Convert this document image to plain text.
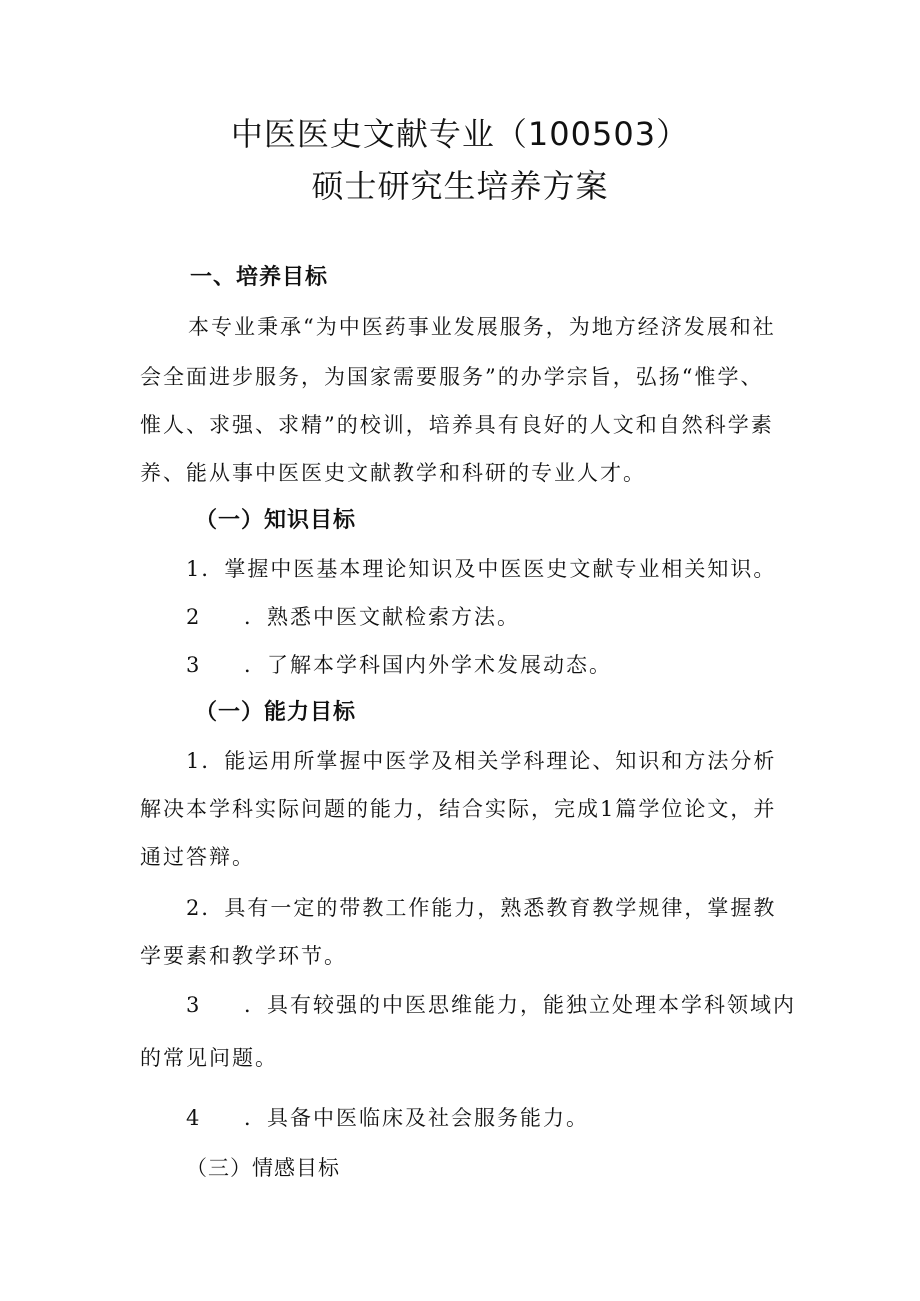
中医医史文献专业（100503）
硕士研究生培养方案
一、培养目标
本专业秉承“为中医药事业发展服务，为地方经济发展和社
会全面进步服务，为国家需要服务”的办学宗旨，弘扬“惟学、
惟人、求强、求精”的校训，培养具有良好的人文和自然科学素
养、能从事中医医史文献教学和科研的专业人才。
（一）知识目标
1．掌握中医基本理论知识及中医医史文献专业相关知识。
2 ．熟悉中医文献检索方法。
3 ．了解本学科国内外学术发展动态。
（一）能力目标
1．能运用所掌握中医学及相关学科理论、知识和方法分析
解决本学科实际问题的能力，结合实际，完成1篇学位论文，并
通过答辩。
2．具有一定的带教工作能力，熟悉教育教学规律，掌握教
学要素和教学环节。
3 ．具有较强的中医思维能力，能独立处理本学科领域内
的常见问题。
4 ．具备中医临床及社会服务能力。
（三）情感目标
